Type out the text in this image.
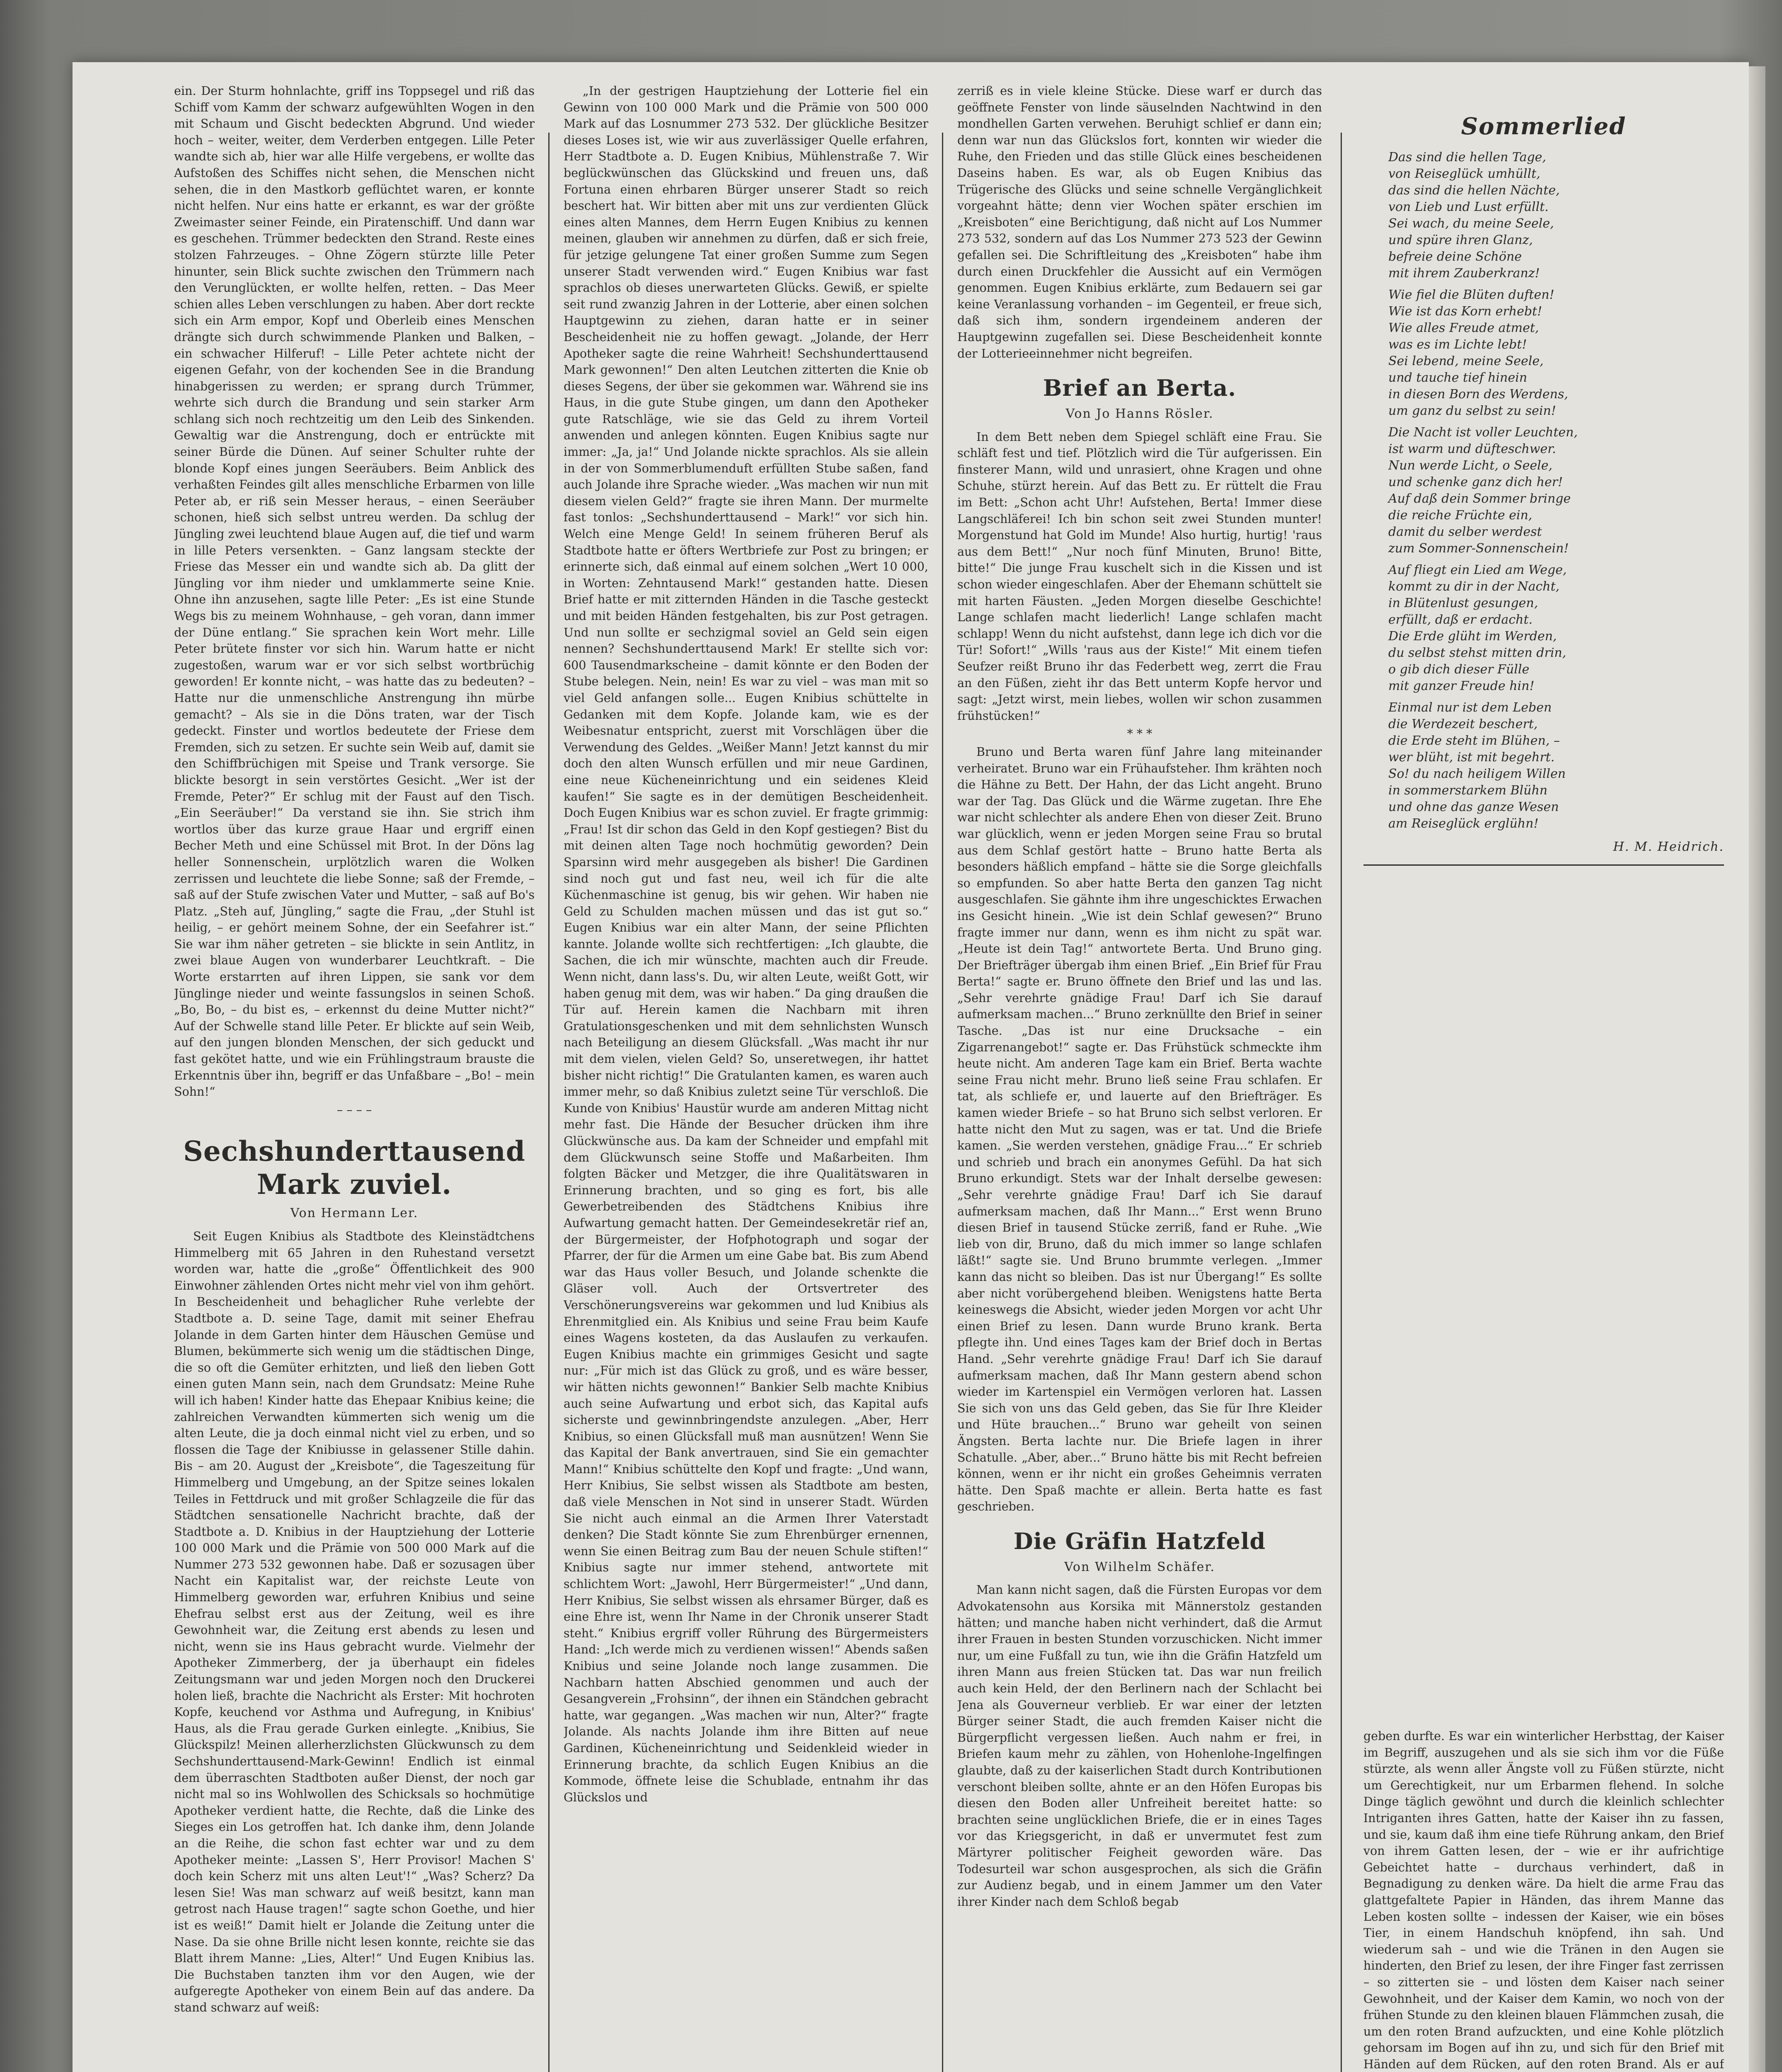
ein. Der Sturm hohnlachte, griff ins Toppsegel und riß das Schiff vom Kamm der schwarz aufgewühlten Wogen in den mit Schaum und Gischt bedeckten Abgrund. Und wieder hoch – weiter, weiter, dem Verderben entgegen. Lille Peter wandte sich ab, hier war alle Hilfe vergebens, er wollte das Aufstoßen des Schiffes nicht sehen, die Menschen nicht sehen, die in den Mastkorb geflüchtet waren, er konnte nicht helfen. Nur eins hatte er erkannt, es war der größte Zweimaster seiner Feinde, ein Piratenschiff. Und dann war es geschehen. Trümmer bedeckten den Strand. Reste eines stolzen Fahrzeuges. – Ohne Zögern stürzte lille Peter hinunter, sein Blick suchte zwischen den Trümmern nach den Verunglückten, er wollte helfen, retten. – Das Meer schien alles Leben verschlungen zu haben. Aber dort reckte sich ein Arm empor, Kopf und Oberleib eines Menschen drängte sich durch schwimmende Planken und Balken, – ein schwacher Hilferuf! – Lille Peter achtete nicht der eigenen Gefahr, von der kochenden See in die Brandung hinabgerissen zu werden; er sprang durch Trümmer, wehrte sich durch die Brandung und sein starker Arm schlang sich noch rechtzeitig um den Leib des Sinkenden. Gewaltig war die Anstrengung, doch er entrückte mit seiner Bürde die Dünen. Auf seiner Schulter ruhte der blonde Kopf eines jungen Seeräubers. Beim Anblick des verhaßten Feindes gilt alles menschliche Erbarmen von lille Peter ab, er riß sein Messer heraus, – einen Seeräuber schonen, hieß sich selbst untreu werden. Da schlug der Jüngling zwei leuchtend blaue Augen auf, die tief und warm in lille Peters versenkten. – Ganz langsam steckte der Friese das Messer ein und wandte sich ab. Da glitt der Jüngling vor ihm nieder und umklammerte seine Knie. Ohne ihn anzusehen, sagte lille Peter: „Es ist eine Stunde Wegs bis zu meinem Wohnhause, – geh voran, dann immer der Düne entlang.“ Sie sprachen kein Wort mehr. Lille Peter brütete finster vor sich hin. Warum hatte er nicht zugestoßen, warum war er vor sich selbst wortbrüchig geworden! Er konnte nicht, – was hatte das zu bedeuten? – Hatte nur die unmenschliche Anstrengung ihn mürbe gemacht? – Als sie in die Döns traten, war der Tisch gedeckt. Finster und wortlos bedeutete der Friese dem Fremden, sich zu setzen. Er suchte sein Weib auf, damit sie den Schiffbrüchigen mit Speise und Trank versorge. Sie blickte besorgt in sein verstörtes Gesicht. „Wer ist der Fremde, Peter?“ Er schlug mit der Faust auf den Tisch. „Ein Seeräuber!“ Da verstand sie ihn. Sie strich ihm wortlos über das kurze graue Haar und ergriff einen Becher Meth und eine Schüssel mit Brot. In der Döns lag heller Sonnenschein, urplötzlich waren die Wolken zerrissen und leuchtete die liebe Sonne; saß der Fremde, – saß auf der Stufe zwischen Vater und Mutter, – saß auf Bo's Platz. „Steh auf, Jüngling,“ sagte die Frau, „der Stuhl ist heilig, – er gehört meinem Sohne, der ein Seefahrer ist.“ Sie war ihm näher getreten – sie blickte in sein Antlitz, in zwei blaue Augen von wunderbarer Leuchtkraft. – Die Worte erstarrten auf ihren Lippen, sie sank vor dem Jünglinge nieder und weinte fassungslos in seinen Schoß. „Bo, Bo, – du bist es, – erkennst du deine Mutter nicht?“ Auf der Schwelle stand lille Peter. Er blickte auf sein Weib, auf den jungen blonden Menschen, der sich geduckt und fast gekötet hatte, und wie ein Frühlingstraum brauste die Erkenntnis über ihn, begriff er das Unfaßbare – „Bo! – mein Sohn!“

– – – –

Sechshunderttausend Mark zuviel.
Von Hermann Ler.

Seit Eugen Knibius als Stadtbote des Kleinstädtchens Himmelberg mit 65 Jahren in den Ruhestand versetzt worden war, hatte die „große“ Öffentlichkeit des 900 Einwohner zählenden Ortes nicht mehr viel von ihm gehört. In Bescheidenheit und behaglicher Ruhe verlebte der Stadtbote a. D. seine Tage, damit mit seiner Ehefrau Jolande in dem Garten hinter dem Häuschen Gemüse und Blumen, bekümmerte sich wenig um die städtischen Dinge, die so oft die Gemüter erhitzten, und ließ den lieben Gott einen guten Mann sein, nach dem Grundsatz: Meine Ruhe will ich haben! Kinder hatte das Ehepaar Knibius keine; die zahlreichen Verwandten kümmerten sich wenig um die alten Leute, die ja doch einmal nicht viel zu erben, und so flossen die Tage der Knibiusse in gelassener Stille dahin. Bis – am 20. August der „Kreisbote“, die Tageszeitung für Himmelberg und Umgebung, an der Spitze seines lokalen Teiles in Fettdruck und mit großer Schlagzeile die für das Städtchen sensationelle Nachricht brachte, daß der Stadtbote a. D. Knibius in der Hauptziehung der Lotterie 100 000 Mark und die Prämie von 500 000 Mark auf die Nummer 273 532 gewonnen habe. Daß er sozusagen über Nacht ein Kapitalist war, der reichste Leute von Himmelberg geworden war, erfuhren Knibius und seine Ehefrau selbst erst aus der Zeitung, weil es ihre Gewohnheit war, die Zeitung erst abends zu lesen und nicht, wenn sie ins Haus gebracht wurde. Vielmehr der Apotheker Zimmerberg, der ja überhaupt ein fideles Zeitungsmann war und jeden Morgen noch den Druckerei holen ließ, brachte die Nachricht als Erster: Mit hochroten Kopfe, keuchend vor Asthma und Aufregung, in Knibius' Haus, als die Frau gerade Gurken einlegte. „Knibius, Sie Glückspilz! Meinen allerherzlichsten Glückwunsch zu dem Sechshunderttausend-Mark-Gewinn! Endlich ist einmal dem überraschten Stadtboten außer Dienst, der noch gar nicht mal so ins Wohlwollen des Schicksals so hochmütige Apotheker verdient hatte, die Rechte, daß die Linke des Sieges ein Los getroffen hat. Ich danke ihm, denn Jolande an die Reihe, die schon fast echter war und zu dem Apotheker meinte: „Lassen S', Herr Provisor! Machen S' doch kein Scherz mit uns alten Leut'!“ „Was? Scherz? Da lesen Sie! Was man schwarz auf weiß besitzt, kann man getrost nach Hause tragen!“ sagte schon Goethe, und hier ist es weiß!“ Damit hielt er Jolande die Zeitung unter die Nase. Da sie ohne Brille nicht lesen konnte, reichte sie das Blatt ihrem Manne: „Lies, Alter!“ Und Eugen Knibius las. Die Buchstaben tanzten ihm vor den Augen, wie der aufgeregte Apotheker von einem Bein auf das andere. Da stand schwarz auf weiß:

„In der gestrigen Hauptziehung der Lotterie fiel ein Gewinn von 100 000 Mark und die Prämie von 500 000 Mark auf das Losnummer 273 532. Der glückliche Besitzer dieses Loses ist, wie wir aus zuverlässiger Quelle erfahren, Herr Stadtbote a. D. Eugen Knibius, Mühlenstraße 7. Wir beglückwünschen das Glückskind und freuen uns, daß Fortuna einen ehrbaren Bürger unserer Stadt so reich beschert hat. Wir bitten aber mit uns zur verdienten Glück eines alten Mannes, dem Herrn Eugen Knibius zu kennen meinen, glauben wir annehmen zu dürfen, daß er sich freie, für jetzige gelungene Tat einer großen Summe zum Segen unserer Stadt verwenden wird.“ Eugen Knibius war fast sprachlos ob dieses unerwarteten Glücks. Gewiß, er spielte seit rund zwanzig Jahren in der Lotterie, aber einen solchen Hauptgewinn zu ziehen, daran hatte er in seiner Bescheidenheit nie zu hoffen gewagt. „Jolande, der Herr Apotheker sagte die reine Wahrheit! Sechshunderttausend Mark gewonnen!“ Den alten Leutchen zitterten die Knie ob dieses Segens, der über sie gekommen war. Während sie ins Haus, in die gute Stube gingen, um dann den Apotheker gute Ratschläge, wie sie das Geld zu ihrem Vorteil anwenden und anlegen könnten. Eugen Knibius sagte nur immer: „Ja, ja!“ Und Jolande nickte sprachlos. Als sie allein in der von Sommerblumenduft erfüllten Stube saßen, fand auch Jolande ihre Sprache wieder. „Was machen wir nun mit diesem vielen Geld?“ fragte sie ihren Mann. Der murmelte fast tonlos: „Sechshunderttausend – Mark!“ vor sich hin. Welch eine Menge Geld! In seinem früheren Beruf als Stadtbote hatte er öfters Wertbriefe zur Post zu bringen; er erinnerte sich, daß einmal auf einem solchen „Wert 10 000, in Worten: Zehntausend Mark!“ gestanden hatte. Diesen Brief hatte er mit zitternden Händen in die Tasche gesteckt und mit beiden Händen festgehalten, bis zur Post getragen. Und nun sollte er sechzigmal soviel an Geld sein eigen nennen? Sechshunderttausend Mark! Er stellte sich vor: 600 Tausendmarkscheine – damit könnte er den Boden der Stube belegen. Nein, nein! Es war zu viel – was man mit so viel Geld anfangen solle... Eugen Knibius schüttelte in Gedanken mit dem Kopfe. Jolande kam, wie es der Weibesnatur entspricht, zuerst mit Vorschlägen über die Verwendung des Geldes. „Weißer Mann! Jetzt kannst du mir doch den alten Wunsch erfüllen und mir neue Gardinen, eine neue Kücheneinrichtung und ein seidenes Kleid kaufen!“ Sie sagte es in der demütigen Bescheidenheit. Doch Eugen Knibius war es schon zuviel. Er fragte grimmig: „Frau! Ist dir schon das Geld in den Kopf gestiegen? Bist du mit deinen alten Tage noch hochmütig geworden? Dein Sparsinn wird mehr ausgegeben als bisher! Die Gardinen sind noch gut und fast neu, weil ich für die alte Küchenmaschine ist genug, bis wir gehen. Wir haben nie Geld zu Schulden machen müssen und das ist gut so.“ Eugen Knibius war ein alter Mann, der seine Pflichten kannte. Jolande wollte sich rechtfertigen: „Ich glaubte, die Sachen, die ich mir wünschte, machten auch dir Freude. Wenn nicht, dann lass's. Du, wir alten Leute, weißt Gott, wir haben genug mit dem, was wir haben.“ Da ging draußen die Tür auf. Herein kamen die Nachbarn mit ihren Gratulationsgeschenken und mit dem sehnlichsten Wunsch nach Beteiligung an diesem Glücksfall. „Was macht ihr nur mit dem vielen, vielen Geld? So, unseretwegen, ihr hattet bisher nicht richtig!“ Die Gratulanten kamen, es waren auch immer mehr, so daß Knibius zuletzt seine Tür verschloß. Die Kunde von Knibius' Haustür wurde am anderen Mittag nicht mehr fast. Die Hände der Besucher drücken ihm ihre Glückwünsche aus. Da kam der Schneider und empfahl mit dem Glückwunsch seine Stoffe und Maßarbeiten. Ihm folgten Bäcker und Metzger, die ihre Qualitätswaren in Erinnerung brachten, und so ging es fort, bis alle Gewerbetreibenden des Städtchens Knibius ihre Aufwartung gemacht hatten. Der Gemeindesekretär rief an, der Bürgermeister, der Hofphotograph und sogar der Pfarrer, der für die Armen um eine Gabe bat. Bis zum Abend war das Haus voller Besuch, und Jolande schenkte die Gläser voll. Auch der Ortsvertreter des Verschönerungsvereins war gekommen und lud Knibius als Ehrenmitglied ein. Als Knibius und seine Frau beim Kaufe eines Wagens kosteten, da das Auslaufen zu verkaufen. Eugen Knibius machte ein grimmiges Gesicht und sagte nur: „Für mich ist das Glück zu groß, und es wäre besser, wir hätten nichts gewonnen!“ Bankier Selb machte Knibius auch seine Aufwartung und erbot sich, das Kapital aufs sicherste und gewinnbringendste anzulegen. „Aber, Herr Knibius, so einen Glücksfall muß man ausnützen! Wenn Sie das Kapital der Bank anvertrauen, sind Sie ein gemachter Mann!“ Knibius schüttelte den Kopf und fragte: „Und wann, Herr Knibius, Sie selbst wissen als Stadtbote am besten, daß viele Menschen in Not sind in unserer Stadt. Würden Sie nicht auch einmal an die Armen Ihrer Vaterstadt denken? Die Stadt könnte Sie zum Ehrenbürger ernennen, wenn Sie einen Beitrag zum Bau der neuen Schule stiften!“ Knibius sagte nur immer stehend, antwortete mit schlichtem Wort: „Jawohl, Herr Bürgermeister!“ „Und dann, Herr Knibius, Sie selbst wissen als ehrsamer Bürger, daß es eine Ehre ist, wenn Ihr Name in der Chronik unserer Stadt steht.“ Knibius ergriff voller Rührung des Bürgermeisters Hand: „Ich werde mich zu verdienen wissen!“ Abends saßen Knibius und seine Jolande noch lange zusammen. Die Nachbarn hatten Abschied genommen und auch der Gesangverein „Frohsinn“, der ihnen ein Ständchen gebracht hatte, war gegangen. „Was machen wir nun, Alter?“ fragte Jolande. Als nachts Jolande ihm ihre Bitten auf neue Gardinen, Kücheneinrichtung und Seidenkleid wieder in Erinnerung brachte, da schlich Eugen Knibius an die Kommode, öffnete leise die Schublade, entnahm ihr das Glückslos und

zerriß es in viele kleine Stücke. Diese warf er durch das geöffnete Fenster von linde säuselnden Nachtwind in den mondhellen Garten verwehen. Beruhigt schlief er dann ein; denn war nun das Glückslos fort, konnten wir wieder die Ruhe, den Frieden und das stille Glück eines bescheidenen Daseins haben. Es war, als ob Eugen Knibius das Trügerische des Glücks und seine schnelle Vergänglichkeit vorgeahnt hätte; denn vier Wochen später erschien im „Kreisboten“ eine Berichtigung, daß nicht auf Los Nummer 273 532, sondern auf das Los Nummer 273 523 der Gewinn gefallen sei. Die Schriftleitung des „Kreisboten“ habe ihm durch einen Druckfehler die Aussicht auf ein Vermögen genommen. Eugen Knibius erklärte, zum Bedauern sei gar keine Veranlassung vorhanden – im Gegenteil, er freue sich, daß sich ihm, sondern irgendeinem anderen der Hauptgewinn zugefallen sei. Diese Bescheidenheit konnte der Lotterieeinnehmer nicht begreifen.

Brief an Berta.
Von Jo Hanns Rösler.

In dem Bett neben dem Spiegel schläft eine Frau. Sie schläft fest und tief. Plötzlich wird die Tür aufgerissen. Ein finsterer Mann, wild und unrasiert, ohne Kragen und ohne Schuhe, stürzt herein. Auf das Bett zu. Er rüttelt die Frau im Bett: „Schon acht Uhr! Aufstehen, Berta! Immer diese Langschläferei! Ich bin schon seit zwei Stunden munter! Morgenstund hat Gold im Munde! Also hurtig, hurtig! 'raus aus dem Bett!“ „Nur noch fünf Minuten, Bruno! Bitte, bitte!“ Die junge Frau kuschelt sich in die Kissen und ist schon wieder eingeschlafen. Aber der Ehemann schüttelt sie mit harten Fäusten. „Jeden Morgen dieselbe Geschichte! Lange schlafen macht liederlich! Lange schlafen macht schlapp! Wenn du nicht aufstehst, dann lege ich dich vor die Tür! Sofort!“ „Wills 'raus aus der Kiste!“ Mit einem tiefen Seufzer reißt Bruno ihr das Federbett weg, zerrt die Frau an den Füßen, zieht ihr das Bett unterm Kopfe hervor und sagt: „Jetzt wirst, mein liebes, wollen wir schon zusammen frühstücken!“

* * *

Bruno und Berta waren fünf Jahre lang miteinander verheiratet. Bruno war ein Frühaufsteher. Ihm krähten noch die Hähne zu Bett. Der Hahn, der das Licht angeht. Bruno war der Tag. Das Glück und die Wärme zugetan. Ihre Ehe war nicht schlechter als andere Ehen von dieser Zeit. Bruno war glücklich, wenn er jeden Morgen seine Frau so brutal aus dem Schlaf gestört hatte – Bruno hatte Berta als besonders häßlich empfand – hätte sie die Sorge gleichfalls so empfunden. So aber hatte Berta den ganzen Tag nicht ausgeschlafen. Sie gähnte ihm ihre ungeschicktes Erwachen ins Gesicht hinein. „Wie ist dein Schlaf gewesen?“ Bruno fragte immer nur dann, wenn es ihm nicht zu spät war. „Heute ist dein Tag!“ antwortete Berta. Und Bruno ging. Der Briefträger übergab ihm einen Brief. „Ein Brief für Frau Berta!“ sagte er. Bruno öffnete den Brief und las und las. „Sehr verehrte gnädige Frau! Darf ich Sie darauf aufmerksam machen...“ Bruno zerknüllte den Brief in seiner Tasche. „Das ist nur eine Drucksache – ein Zigarrenangebot!“ sagte er. Das Frühstück schmeckte ihm heute nicht. Am anderen Tage kam ein Brief. Berta wachte seine Frau nicht mehr. Bruno ließ seine Frau schlafen. Er tat, als schliefe er, und lauerte auf den Briefträger. Es kamen wieder Briefe – so hat Bruno sich selbst verloren. Er hatte nicht den Mut zu sagen, was er tat. Und die Briefe kamen. „Sie werden verstehen, gnädige Frau...“ Er schrieb und schrieb und brach ein anonymes Gefühl. Da hat sich Bruno erkundigt. Stets war der Inhalt derselbe gewesen: „Sehr verehrte gnädige Frau! Darf ich Sie darauf aufmerksam machen, daß Ihr Mann...“ Erst wenn Bruno diesen Brief in tausend Stücke zerriß, fand er Ruhe. „Wie lieb von dir, Bruno, daß du mich immer so lange schlafen läßt!“ sagte sie. Und Bruno brummte verlegen. „Immer kann das nicht so bleiben. Das ist nur Übergang!“ Es sollte aber nicht vorübergehend bleiben. Wenigstens hatte Berta keineswegs die Absicht, wieder jeden Morgen vor acht Uhr einen Brief zu lesen. Dann wurde Bruno krank. Berta pflegte ihn. Und eines Tages kam der Brief doch in Bertas Hand. „Sehr verehrte gnädige Frau! Darf ich Sie darauf aufmerksam machen, daß Ihr Mann gestern abend schon wieder im Kartenspiel ein Vermögen verloren hat. Lassen Sie sich von uns das Geld geben, das Sie für Ihre Kleider und Hüte brauchen...“ Bruno war geheilt von seinen Ängsten. Berta lachte nur. Die Briefe lagen in ihrer Schatulle. „Aber, aber...“ Bruno hätte bis mit Recht befreien können, wenn er ihr nicht ein großes Geheimnis verraten hätte. Den Spaß machte er allein. Berta hatte es fast geschrieben.

Die Gräfin Hatzfeld
Von Wilhelm Schäfer.

Man kann nicht sagen, daß die Fürsten Europas vor dem Advokatensohn aus Korsika mit Männerstolz gestanden hätten; und manche haben nicht verhindert, daß die Armut ihrer Frauen in besten Stunden vorzuschicken. Nicht immer nur, um eine Fußfall zu tun, wie ihn die Gräfin Hatzfeld um ihren Mann aus freien Stücken tat. Das war nun freilich auch kein Held, der den Berlinern nach der Schlacht bei Jena als Gouverneur verblieb. Er war einer der letzten Bürger seiner Stadt, die auch fremden Kaiser nicht die Bürgerpflicht vergessen ließen. Auch nahm er frei, in Briefen kaum mehr zu zählen, von Hohenlohe-Ingelfingen glaubte, daß zu der kaiserlichen Stadt durch Kontributionen verschont bleiben sollte, ahnte er an den Höfen Europas bis diesen den Boden aller Unfreiheit bereitet hatte: so brachten seine unglücklichen Briefe, die er in eines Tages vor das Kriegsgericht, in daß er unvermutet fest zum Märtyrer politischer Feigheit geworden wäre. Das Todesurteil war schon ausgesprochen, als sich die Gräfin zur Audienz begab, und in einem Jammer um den Vater ihrer Kinder nach dem Schloß begab

Sommerlied
Das sind die hellen Tage,
von Reiseglück umhüllt,
das sind die hellen Nächte,
von Lieb und Lust erfüllt.
Sei wach, du meine Seele,
und spüre ihren Glanz,
befreie deine Schöne
mit ihrem Zauberkranz!
Wie fiel die Blüten duften!
Wie ist das Korn erhebt!
Wie alles Freude atmet,
was es im Lichte lebt!
Sei lebend, meine Seele,
und tauche tief hinein
in diesen Born des Werdens,
um ganz du selbst zu sein!
Die Nacht ist voller Leuchten,
ist warm und düfteschwer.
Nun werde Licht, o Seele,
und schenke ganz dich her!
Auf daß dein Sommer bringe
die reiche Früchte ein,
damit du selber werdest
zum Sommer-Sonnenschein!
Auf fliegt ein Lied am Wege,
kommt zu dir in der Nacht,
in Blütenlust gesungen,
erfüllt, daß er erdacht.
Die Erde glüht im Werden,
du selbst stehst mitten drin,
o gib dich dieser Fülle
mit ganzer Freude hin!
Einmal nur ist dem Leben
die Werdezeit beschert,
die Erde steht im Blühen, –
wer blüht, ist mit begehrt.
So! du nach heiligem Willen
in sommerstarkem Blühn
und ohne das ganze Wesen
am Reiseglück erglühn!
H. M. Heidrich.

geben durfte. Es war ein winterlicher Herbsttag, der Kaiser im Begriff, auszugehen und als sie sich ihm vor die Füße stürzte, als wenn aller Ängste voll zu Füßen stürzte, nicht um Gerechtigkeit, nur um Erbarmen flehend. In solche Dinge täglich gewöhnt und durch die kleinlich schlechter Intriganten ihres Gatten, hatte der Kaiser ihn zu fassen, und sie, kaum daß ihm eine tiefe Rührung ankam, den Brief von ihrem Gatten lesen, der – wie er ihr aufrichtige Gebeichtet hatte – durchaus verhindert, daß in Begnadigung zu denken wäre. Da hielt die arme Frau das glattgefaltete Papier in Händen, das ihrem Manne das Leben kosten sollte – indessen der Kaiser, wie ein böses Tier, in einem Handschuh knöpfend, ihn sah. Und wiederum sah – und wie die Tränen in den Augen sie hinderten, den Brief zu lesen, der ihre Finger fast zerrissen – so zitterten sie – und lösten dem Kaiser nach seiner Gewohnheit, und der Kaiser dem Kamin, wo noch von der frühen Stunde zu den kleinen blauen Flämmchen zusah, die um den roten Brand aufzuckten, und eine Kohle plötzlich gehorsam im Bogen auf ihn zu, und sich für den Brief mit Händen auf dem Rücken, auf den roten Brand. Als er auf
